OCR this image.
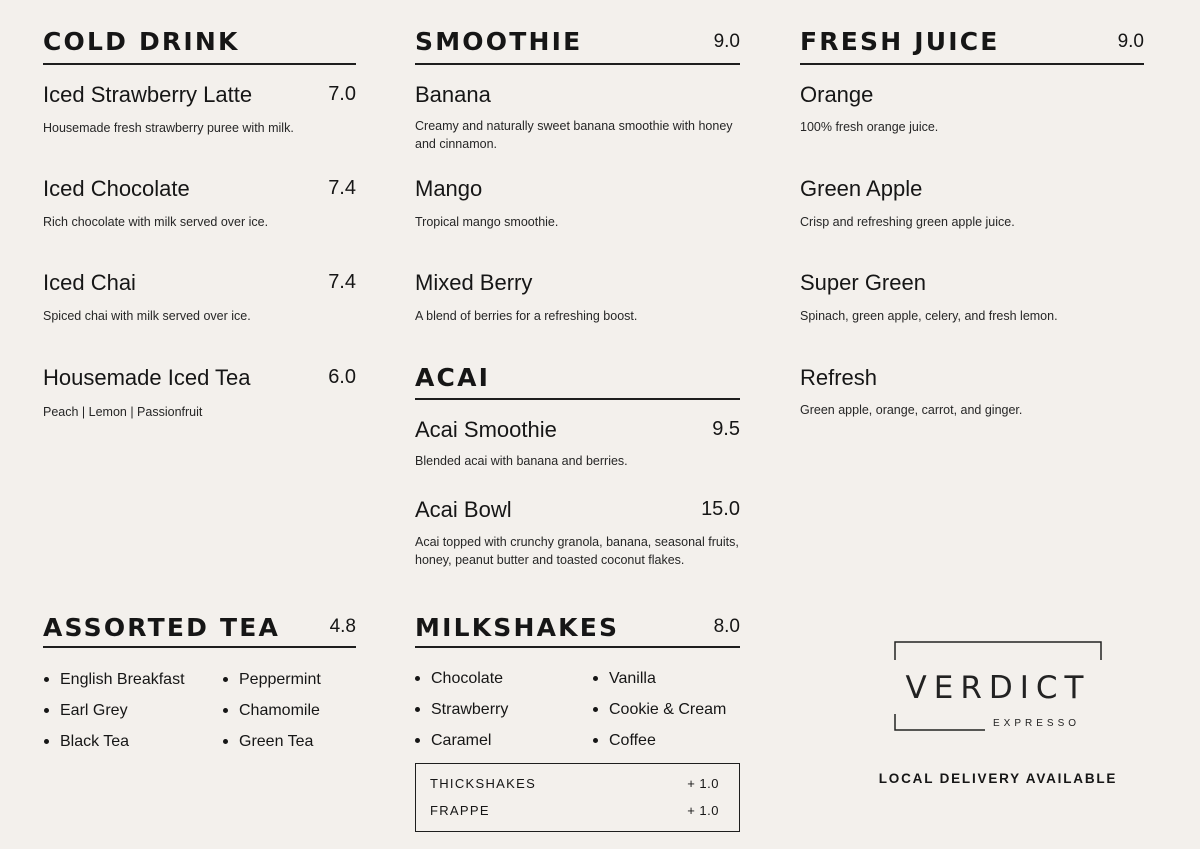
COLD DRINK
Iced Strawberry Latte	7.0
Housemade fresh strawberry puree with milk.
Iced Chocolate	7.4
Rich chocolate with milk served over ice.
Iced Chai	7.4
Spiced chai with milk served over ice.
Housemade Iced Tea	6.0
Peach | Lemon | Passionfruit
SMOOTHIE	9.0
Banana
Creamy and naturally sweet banana smoothie with honey and cinnamon.
Mango
Tropical mango smoothie.
Mixed Berry
A blend of berries for a refreshing boost.
ACAI
Acai Smoothie	9.5
Blended acai with banana and berries.
Acai Bowl	15.0
Acai topped with crunchy granola, banana, seasonal fruits, honey, peanut butter and toasted coconut flakes.
FRESH JUICE	9.0
Orange
100% fresh orange juice.
Green Apple
Crisp and refreshing green apple juice.
Super Green
Spinach, green apple, celery, and fresh lemon.
Refresh
Green apple, orange, carrot, and ginger.
ASSORTED TEA	4.8
English Breakfast
Earl Grey
Black Tea
Peppermint
Chamomile
Green Tea
MILKSHAKES	8.0
Chocolate
Strawberry
Caramel
Vanilla
Cookie & Cream
Coffee
THICKSHAKES	+ 1.0
FRAPPE	+ 1.0
VERDICT
EXPRESSO
LOCAL DELIVERY AVAILABLE
